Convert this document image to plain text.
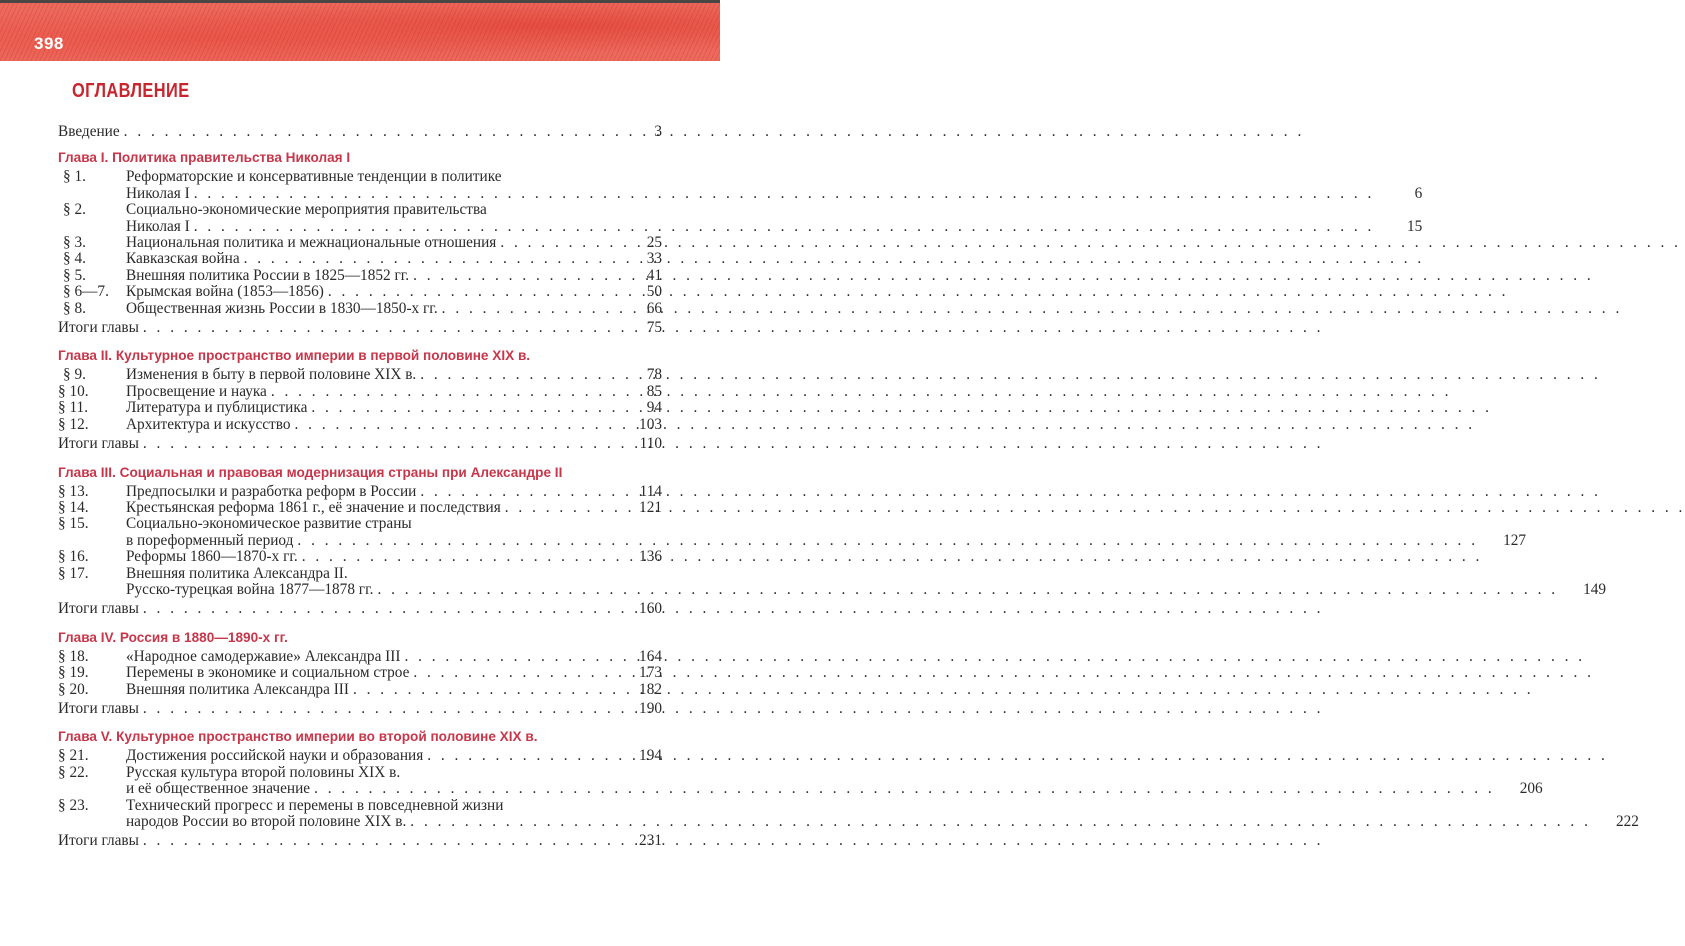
398
ОГЛАВЛЕНИЕ
Введение . . .	3
Глава I. Политика правительства Николая I
§ 1.	Реформаторские и консервативные тенденции в политике
Николая I . . .	6
§ 2.	Социально-экономические мероприятия правительства
Николая I . . .	15
§ 3.	Национальная политика и межнациональные отношения . . .	25
§ 4.	Кавказская война . . .	33
§ 5.	Внешняя политика России в 1825—1852 гг. . . .	41
§ 6—7.	Крымская война (1853—1856) . . .	50
§ 8.	Общественная жизнь России в 1830—1850-х гг. . . .	66
Итоги главы . . .	75
Глава II. Культурное пространство империи в первой половине XIX в.
§ 9.	Изменения в быту в первой половине XIX в. . . .	78
§ 10.	Просвещение и наука . . .	85
§ 11.	Литература и публицистика . . .	94
§ 12.	Архитектура и искусство . . .	103
Итоги главы . . .	110
Глава III. Социальная и правовая модернизация страны при Александре II
§ 13.	Предпосылки и разработка реформ в России . . .	114
§ 14.	Крестьянская реформа 1861 г., её значение и последствия . . .	121
§ 15.	Социально-экономическое развитие страны
в пореформенный период . . .	127
§ 16.	Реформы 1860—1870-х гг. . . .	136
§ 17.	Внешняя политика Александра II.
Русско-турецкая война 1877—1878 гг. . . .	149
Итоги главы . . .	160
Глава IV. Россия в 1880—1890-х гг.
§ 18.	«Народное самодержавие» Александра III . . .	164
§ 19.	Перемены в экономике и социальном строе . . .	173
§ 20.	Внешняя политика Александра III . . .	182
Итоги главы . . .	190
Глава V. Культурное пространство империи во второй половине XIX в.
§ 21.	Достижения российской науки и образования . . .	194
§ 22.	Русская культура второй половины XIX в.
и её общественное значение . . .	206
§ 23.	Технический прогресс и перемены в повседневной жизни
народов России во второй половине XIX в. . . .	222
Итоги главы . . .	231
